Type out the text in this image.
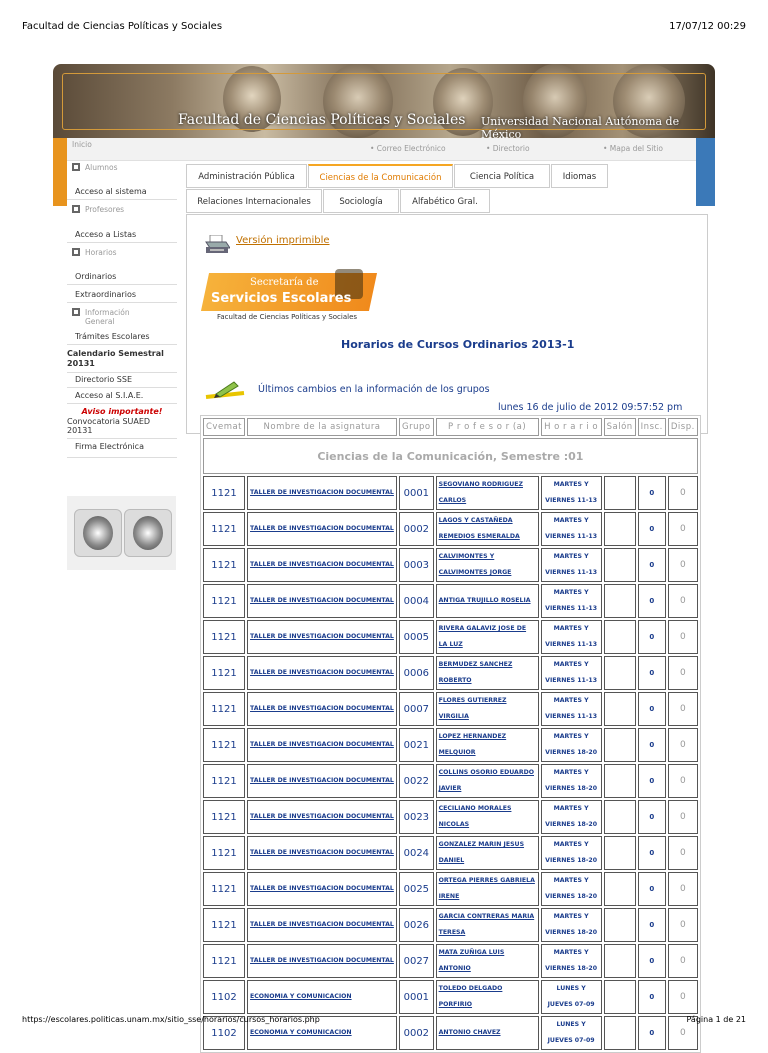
Facultad de Ciencias Políticas y Sociales	17/07/12 00:29
Facultad de Ciencias Políticas y Sociales Universidad Nacional Autónoma de México
Inicio	• Correo Electrónico	• Directorio	• Mapa del Sitio
Alumnos
Acceso al sistema
Profesores
Acceso a Listas
Horarios
Ordinarios
Extraordinarios
Información General
Trámites Escolares
Calendario Semestral 20131
Directorio SSE
Acceso al S.I.A.E.
Aviso importante!
Convocatoria SUAED 20131
Firma Electrónica
Administración Pública	Ciencias de la Comunicación	Ciencia Política	Idiomas
Relaciones Internacionales	Sociología	Alfabético Gral.
Versión imprimible
Secretaría de
Servicios Escolares
Facultad de Ciencias Políticas y Sociales
Horarios de Cursos Ordinarios 2013-1
Últimos cambios en la información de los grupos
lunes 16 de julio de 2012 09:57:52 pm
Cvemat	Nombre de la asignatura	Grupo	P r o f e s o r (a)	H o r a r i o	Salón	Insc.	Disp.
Ciencias de la Comunicación, Semestre :01							
1121	TALLER DE INVESTIGACION DOCUMENTAL	0001	SEGOVIANO RODRIGUEZ CARLOS	MARTES Y VIERNES 11-13		0	0
1121	TALLER DE INVESTIGACION DOCUMENTAL	0002	LAGOS Y CASTAÑEDA REMEDIOS ESMERALDA	MARTES Y VIERNES 11-13		0	0
1121	TALLER DE INVESTIGACION DOCUMENTAL	0003	CALVIMONTES Y CALVIMONTES JORGE	MARTES Y VIERNES 11-13		0	0
1121	TALLER DE INVESTIGACION DOCUMENTAL	0004	ANTIGA TRUJILLO ROSELIA	MARTES Y VIERNES 11-13		0	0
1121	TALLER DE INVESTIGACION DOCUMENTAL	0005	RIVERA GALAVIZ JOSE DE LA LUZ	MARTES Y VIERNES 11-13		0	0
1121	TALLER DE INVESTIGACION DOCUMENTAL	0006	BERMUDEZ SANCHEZ ROBERTO	MARTES Y VIERNES 11-13		0	0
1121	TALLER DE INVESTIGACION DOCUMENTAL	0007	FLORES GUTIERREZ VIRGILIA	MARTES Y VIERNES 11-13		0	0
1121	TALLER DE INVESTIGACION DOCUMENTAL	0021	LOPEZ HERNANDEZ MELQUIOR	MARTES Y VIERNES 18-20		0	0
1121	TALLER DE INVESTIGACION DOCUMENTAL	0022	COLLINS OSORIO EDUARDO JAVIER	MARTES Y VIERNES 18-20		0	0
1121	TALLER DE INVESTIGACION DOCUMENTAL	0023	CECILIANO MORALES NICOLAS	MARTES Y VIERNES 18-20		0	0
1121	TALLER DE INVESTIGACION DOCUMENTAL	0024	GONZALEZ MARIN JESUS DANIEL	MARTES Y VIERNES 18-20		0	0
1121	TALLER DE INVESTIGACION DOCUMENTAL	0025	ORTEGA PIERRES GABRIELA IRENE	MARTES Y VIERNES 18-20		0	0
1121	TALLER DE INVESTIGACION DOCUMENTAL	0026	GARCIA CONTRERAS MARIA TERESA	MARTES Y VIERNES 18-20		0	0
1121	TALLER DE INVESTIGACION DOCUMENTAL	0027	MATA ZUÑIGA LUIS ANTONIO	MARTES Y VIERNES 18-20		0	0
1102	ECONOMIA Y COMUNICACION	0001	TOLEDO DELGADO PORFIRIO	LUNES Y JUEVES 07-09		0	0
1102	ECONOMIA Y COMUNICACION	0002	ANTONIO CHAVEZ	LUNES Y JUEVES 07-09		0	0
https://escolares.politicas.unam.mx/sitio_sse/horarios/cursos_horarios.php	Página 1 de 21
